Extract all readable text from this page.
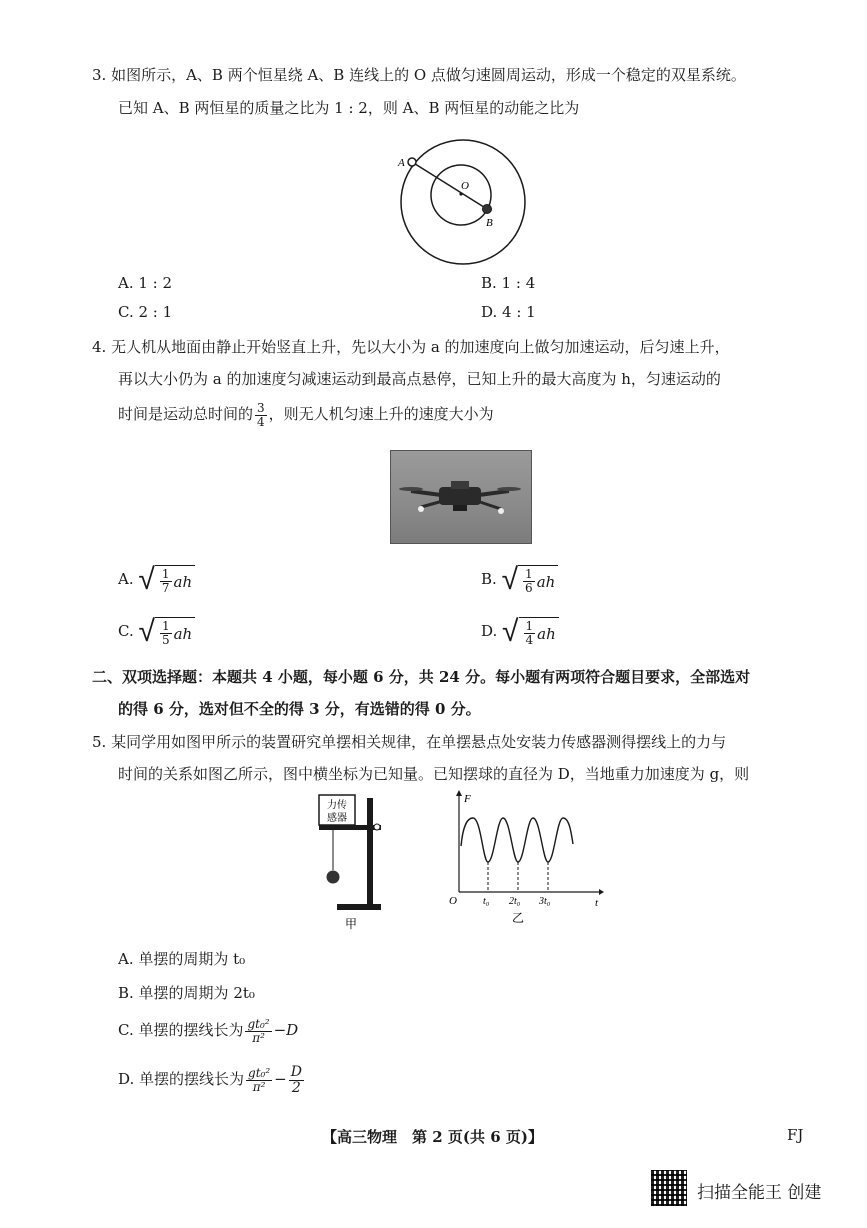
3. 如图所示，A、B 两个恒星绕 A、B 连线上的 O 点做匀速圆周运动，形成一个稳定的双星系统。
已知 A、B 两恒星的质量之比为 1 : 2，则 A、B 两恒星的动能之比为
A
B
O
A. 1 : 2	B. 1 : 4
C. 2 : 1	D. 4 : 1
4. 无人机从地面由静止开始竖直上升，先以大小为 a 的加速度向上做匀加速运动，后匀速上升，
再以大小仍为 a 的加速度匀减速运动到最高点悬停，已知上升的最大高度为 h，匀速运动的
时间是运动总时间的 $\frac{3}{4}$ ，则无人机匀速上升的速度大小为
A. √ $\frac{1}{7}$ ah	B. √ $\frac{1}{6}$ ah
C. √ $\frac{1}{5}$ ah	D. √ $\frac{1}{4}$ ah
二、双项选择题：本题共 4 小题，每小题 6 分，共 24 分。每小题有两项符合题目要求，全部选对
的得 6 分，选对但不全的得 3 分，有选错的得 0 分。
5. 某同学用如图甲所示的装置研究单摆相关规律，在单摆悬点处安装力传感器测得摆线上的力与
时间的关系如图乙所示，图中横坐标为已知量。已知摆球的直径为 D，当地重力加速度为 g，则
力传
感器
甲
F
O	t
t₀ 2t₀ 3t₀
乙
A. 单摆的周期为 t₀
B. 单摆的周期为 2t₀
C. 单摆的摆线长为 $\frac{\text{gt₀²}}{\text{π²}} -D$
D. 单摆的摆线长为 $\frac{\text{gt₀²}}{\text{π²}} - \frac{D}{2}$
【高三物理　第 2 页(共 6 页)】	FJ
扫描全能王 创建
